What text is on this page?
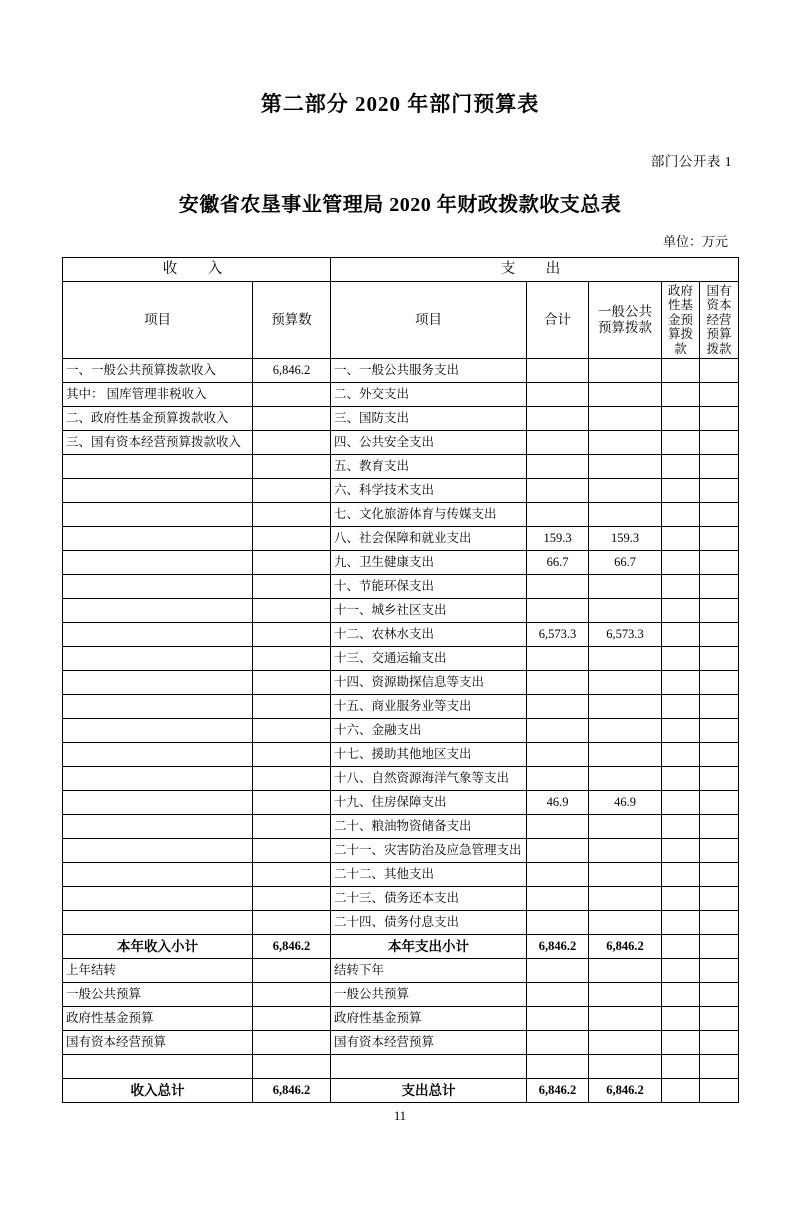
第二部分 2020 年部门预算表
部门公开表 1
安徽省农垦事业管理局 2020 年财政拨款收支总表
单位：万元
收　入		支　出				
项目	预算数	项目	合计	一般公共预算拨款	政府性基金预算拨款	国有资本经营预算拨款
一、一般公共预算拨款收入	6,846.2	一、一般公共服务支出				
其中： 国库管理非税收入		二、外交支出				
二、政府性基金预算拨款收入		三、国防支出				
三、国有资本经营预算拨款收入		四、公共安全支出				
		五、教育支出				
		六、科学技术支出				
		七、文化旅游体育与传媒支出				
		八、社会保障和就业支出	159.3	159.3		
		九、卫生健康支出	66.7	66.7		
		十、节能环保支出				
		十一、城乡社区支出				
		十二、农林水支出	6,573.3	6,573.3		
		十三、交通运输支出				
		十四、资源勘探信息等支出				
		十五、商业服务业等支出				
		十六、金融支出				
		十七、援助其他地区支出				
		十八、自然资源海洋气象等支出				
		十九、住房保障支出	46.9	46.9		
		二十、粮油物资储备支出				
		二十一、灾害防治及应急管理支出				
		二十二、其他支出				
		二十三、债务还本支出				
		二十四、债务付息支出				
本年收入小计	6,846.2	本年支出小计	6,846.2	6,846.2		
上年结转		结转下年				
一般公共预算		一般公共预算				
政府性基金预算		政府性基金预算				
国有资本经营预算		国有资本经营预算				

收入总计	6,846.2	支出总计	6,846.2	6,846.2		
11
